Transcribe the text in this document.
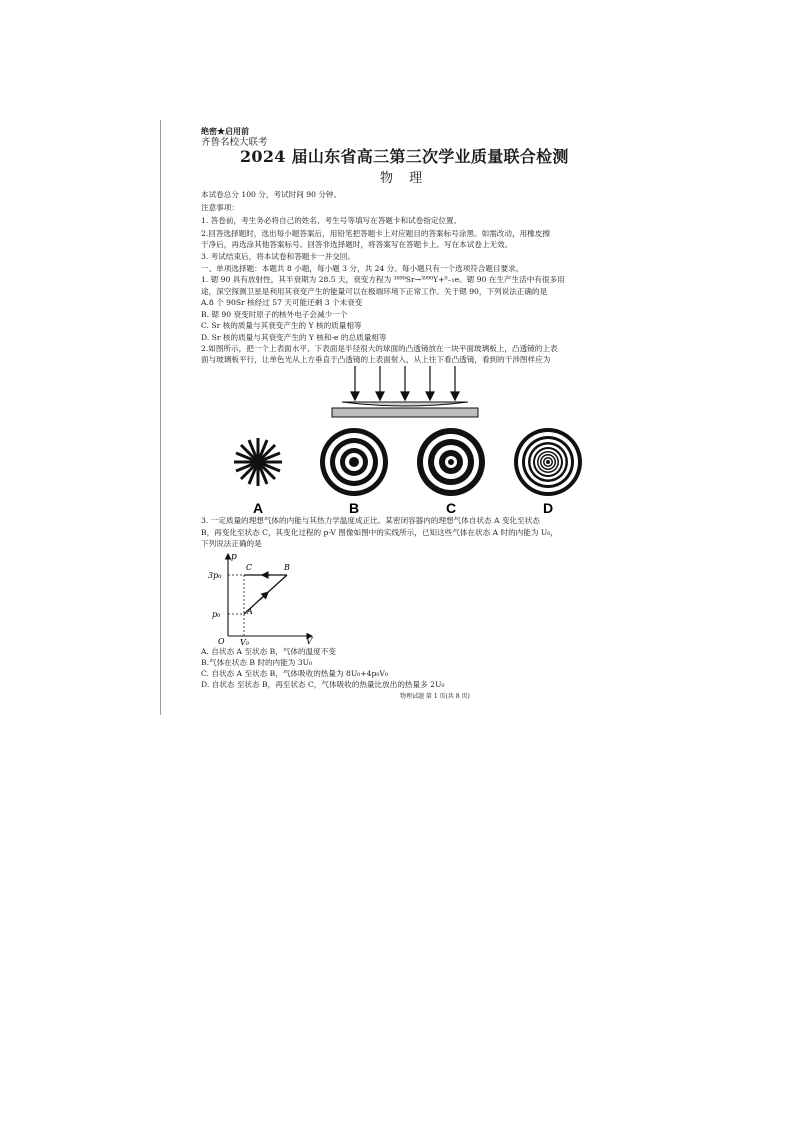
绝密★启用前
齐鲁名校大联考
2024 届山东省高三第三次学业质量联合检测
物 理
本试卷总分 100 分，考试时间 90 分钟。
注意事项：
1. 答卷前，考生务必将自己的姓名、考生号等填写在答题卡和试卷指定位置。
2.回答选择题时，选出每小题答案后，用铅笔把答题卡上对应题目的答案标号涂黑。如需改动，用橡皮擦
干净后，再选涂其他答案标号。回答非选择题时，将答案写在答题卡上。写在本试卷上无效。
3. 考试结束后，将本试卷和答题卡一并交回。
一、单项选择题：本题共 8 小题，每小题 3 分，共 24 分。每小题只有一个选项符合题目要求。
1. 锶 90 具有放射性，其半衰期为 28.5 天，衰变方程为 ³⁸⁹⁰Sr→³⁹⁹⁰Y+⁰₋₁e。锶 90 在生产生活中有很多用
途，深空探测卫星是利用其衰变产生的能量可以在极端环境下正常工作。关于锶 90，下列说法正确的是
A.8 个 90Sr 核经过 57 天可能还剩 3 个未衰变
B. 锶 90 衰变时原子的核外电子会减少一个
C. Sr 核的质量与其衰变产生的 Y 核的质量相等
D. Sr 核的质量与其衰变产生的 Y 核和-e 的总质量相等
2.如图所示，把一个上表面水平、下表面是半径很大的球面的凸透镜放在一块平面玻璃板上，凸透镜的上表
面与玻璃板平行，让单色光从上方垂直于凸透镜的上表面射入，从上往下看凸透镜，看到的干涉图样应为
A	B	C	D
3. 一定质量的理想气体的内能与其热力学温度成正比。某密闭容器内的理想气体自状态 A 变化至状态
B，再变化至状态 C，其变化过程的 p-V 图像如图中的实线所示，已知这些气体在状态 A 时的内能为 U₀，
下列说法正确的是
p
V
O
3p₀
p₀
V₀
A
B
C
A. 自状态 A 至状态 B，气体的温度不变
B.气体在状态 B 时的内能为 3U₀
C. 自状态 A 至状态 B，气体吸收的热量为 8U₀+4p₀V₀
D. 自状态 至状态 B，再至状态 C，气体吸收的热量比放出的热量多 2U₀
物理试题 第 1 页(共 8 页)
